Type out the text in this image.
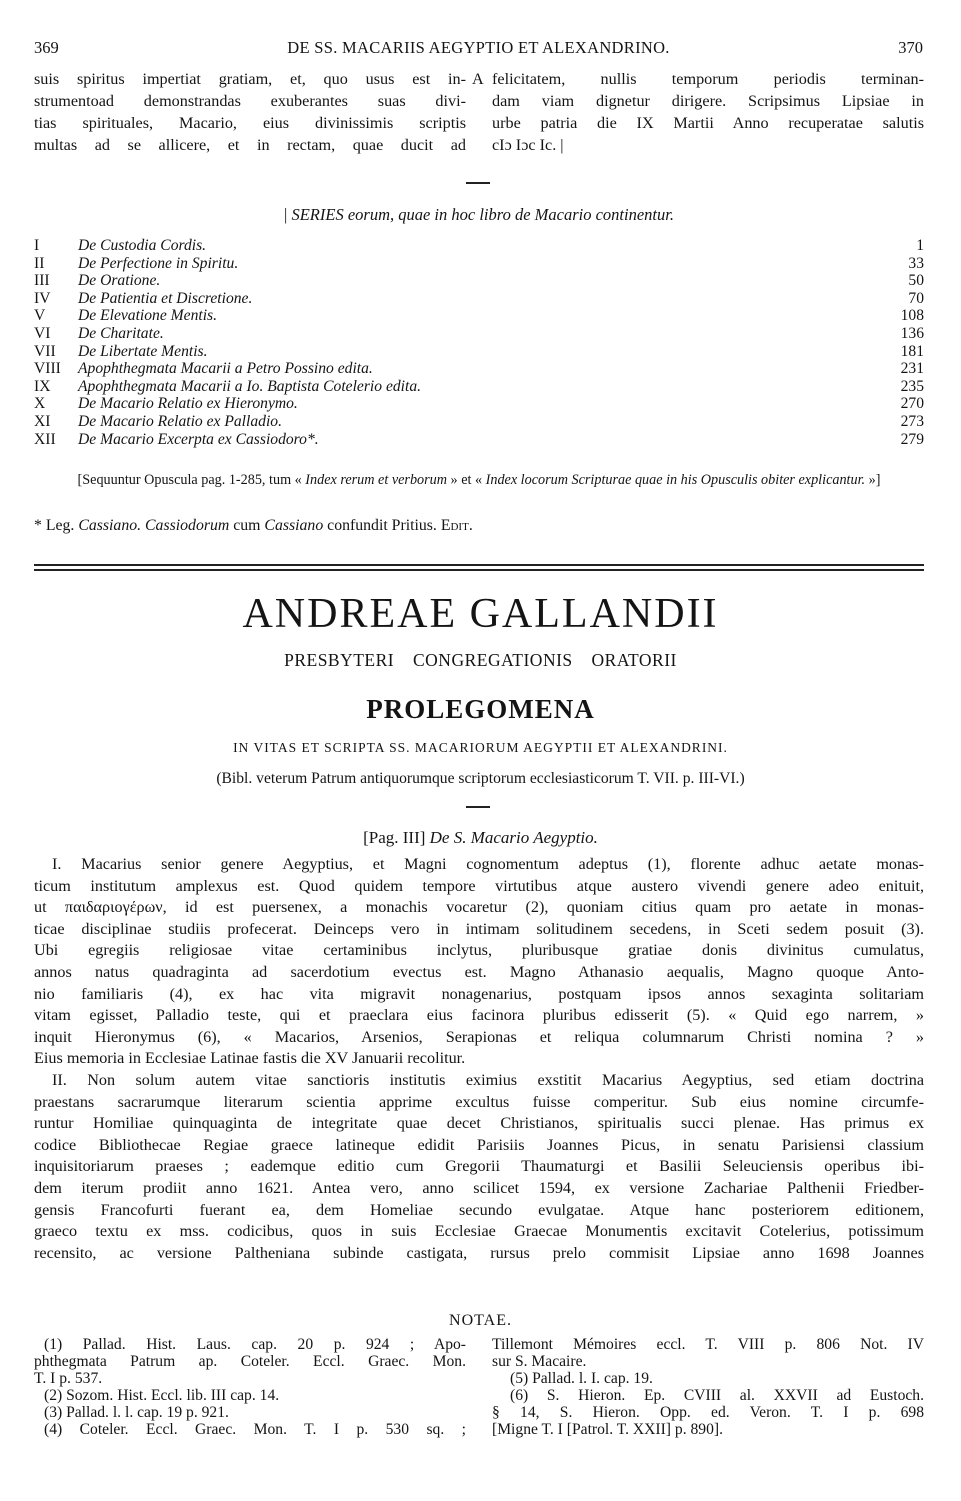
369	DE SS. MACARIIS AEGYPTIO ET ALEXANDRINO.	370
suis spiritus impertiat gratiam, et, quo usus est in-
strumentoad demonstrandas exuberantes suas divi-
tias spirituales, Macario, eius divinissimis scriptis
multas ad se allicere, et in rectam, quae ducit ad
A felicitatem, nullis temporum periodis terminan-
dam viam dignetur dirigere. Scripsimus Lipsiae in
urbe patria die IX Martii Anno recuperatae salutis
cIɔ Iɔc Ic. |
| SERIES eorum, quae in hoc libro de Macario continentur.
I De Custodia Cordis.	1
II De Perfectione in Spiritu.	33
III De Oratione.	50
IV De Patientia et Discretione.	70
V De Elevatione Mentis.	108
VI De Charitate.	136
VII De Libertate Mentis.	181
VIII Apophthegmata Macarii a Petro Possino edita.	231
IX Apophthegmata Macarii a Io. Baptista Cotelerio edita.	235
X De Macario Relatio ex Hieronymo.	270
XI De Macario Relatio ex Palladio.	273
XII De Macario Excerpta ex Cassiodoro*.	279
[Sequuntur Opuscula pag. 1-285, tum « Index rerum et verborum » et « Index locorum Scripturae quae in his Opusculis obiter explicantur. »]
* Leg. Cassiano. Cassiodorum cum Cassiano confundit Pritius. Edit.
ANDREAE GALLANDII
PRESBYTERI CONGREGATIONIS ORATORII
PROLEGOMENA
IN VITAS ET SCRIPTA SS. MACARIORUM AEGYPTII ET ALEXANDRINI.
(Bibl. veterum Patrum antiquorumque scriptorum ecclesiasticorum T. VII. p. III-VI.)
[Pag. III] De S. Macario Aegyptio.
I. Macarius senior genere Aegyptius, et Magni cognomentum adeptus (1), florente adhuc aetate monas-
ticum institutum amplexus est. Quod quidem tempore virtutibus atque austero vivendi genere adeo enituit,
ut παιδαριογέρων, id est puersenex, a monachis vocaretur (2), quoniam citius quam pro aetate in monas-
ticae disciplinae studiis profecerat. Deinceps vero in intimam solitudinem secedens, in Sceti sedem posuit (3).
Ubi egregiis religiosae vitae certaminibus inclytus, pluribusque gratiae donis divinitus cumulatus,
annos natus quadraginta ad sacerdotium evectus est. Magno Athanasio aequalis, Magno quoque Anto-
nio familiaris (4), ex hac vita migravit nonagenarius, postquam ipsos annos sexaginta solitariam
vitam egisset, Palladio teste, qui et praeclara eius facinora pluribus edisserit (5). « Quid ego narrem, »
inquit Hieronymus (6), « Macarios, Arsenios, Serapionas et reliqua columnarum Christi nomina ? »
Eius memoria in Ecclesiae Latinae fastis die XV Januarii recolitur.
II. Non solum autem vitae sanctioris institutis eximius exstitit Macarius Aegyptius, sed etiam doctrina
praestans sacrarumque literarum scientia apprime excultus fuisse comperitur. Sub eius nomine circumfe-
runtur Homiliae quinquaginta de integritate quae decet Christianos, spiritualis succi plenae. Has primus ex
codice Bibliothecae Regiae graece latineque edidit Parisiis Joannes Picus, in senatu Parisiensi classium
inquisitoriarum praeses ; eademque editio cum Gregorii Thaumaturgi et Basilii Seleuciensis operibus ibi-
dem iterum prodiit anno 1621. Antea vero, anno scilicet 1594, ex versione Zachariae Palthenii Friedber-
gensis Francofurti fuerant ea, dem Homeliae secundo evulgatae. Atque hanc posteriorem editionem,
graeco textu ex mss. codicibus, quos in suis Ecclesiae Graecae Monumentis excitavit Cotelerius, potissimum
recensito, ac versione Paltheniana subinde castigata, rursus prelo commisit Lipsiae anno 1698 Joannes
NOTAE.
(1) Pallad. Hist. Laus. cap. 20 p. 924 ; Apo-
phthegmata Patrum ap. Coteler. Eccl. Graec. Mon.
T. I p. 537.
(2) Sozom. Hist. Eccl. lib. III cap. 14.
(3) Pallad. l. l. cap. 19 p. 921.
(4) Coteler. Eccl. Graec. Mon. T. I p. 530 sq. ;
Tillemont Mémoires eccl. T. VIII p. 806 Not. IV
sur S. Macaire.
(5) Pallad. l. I. cap. 19.
(6) S. Hieron. Ep. CVIII al. XXVII ad Eustoch.
§ 14, S. Hieron. Opp. ed. Veron. T. I p. 698
[Migne T. I [Patrol. T. XXII] p. 890].
